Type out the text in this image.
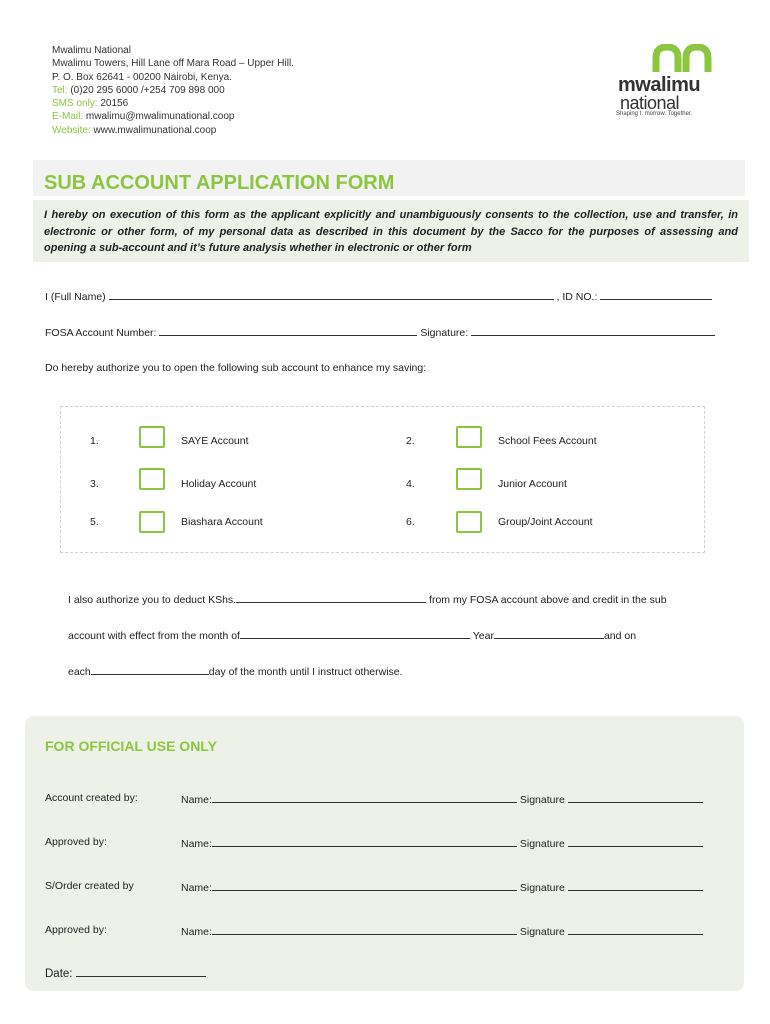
Mwalimu National
Mwalimu Towers, Hill Lane off Mara Road – Upper Hill.
P. O. Box 62641 - 00200 Nairobi, Kenya.
Tel: (0)20 295 6000 /+254 709 898 000
SMS only: 20156
E-Mail: mwalimu@mwalimunational.coop
Website: www.mwalimunational.coop
mwalimu
national
Shaping t. morrow. Together.
SUB ACCOUNT APPLICATION FORM

I hereby on execution of this form as the applicant explicitly and unambiguously consents to the collection, use and transfer, in electronic or other form, of my personal data as described in this document by the Sacco for the purposes of assessing and opening a sub-account and it’s future analysis whether in electronic or other form

I (Full Name)	, ID NO.:
FOSA Account Number:	Signature:
Do hereby authorize you to open the following sub account to enhance my saving:
1.	SAYE Account	2.	School Fees Account
3.	Holiday Account	4.	Junior Account
5.	Biashara Account	6.	Group/Joint Account
I also authorize you to deduct KShs.	from my FOSA account above and credit in the sub
account with effect from the month of	Year	and on
each	day of the month until I instruct otherwise.
FOR OFFICIAL USE ONLY
Account created by:	Name:	Signature
Approved by:	Name:	Signature
S/Order created by	Name:	Signature
Approved by:	Name:	Signature
Date:
